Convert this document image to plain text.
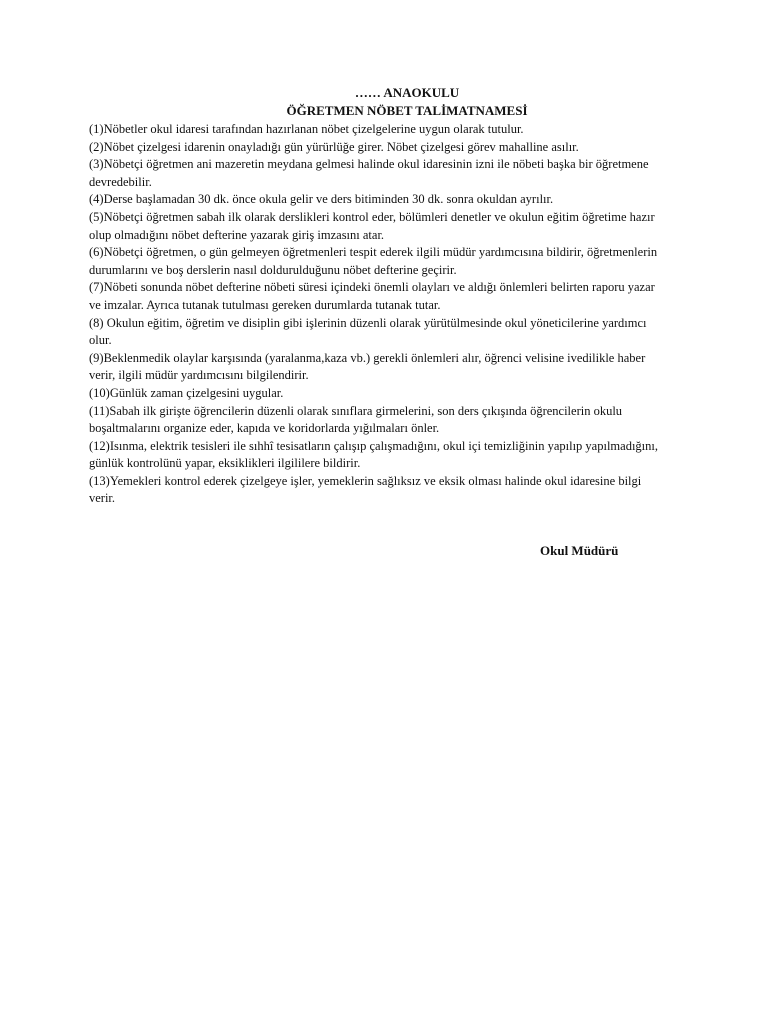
…… ANAOKULU

ÖĞRETMEN NÖBET TALİMATNAMESİ

(1)Nöbetler okul idaresi tarafından hazırlanan nöbet çizelgelerine uygun olarak tutulur.

(2)Nöbet çizelgesi idarenin onayladığı gün yürürlüğe girer. Nöbet çizelgesi görev mahalline asılır.

(3)Nöbetçi öğretmen ani mazeretin meydana gelmesi halinde okul idaresinin izni ile nöbeti başka bir öğretmene devredebilir.

(4)Derse başlamadan 30 dk. önce okula gelir ve ders bitiminden 30 dk. sonra okuldan ayrılır.

(5)Nöbetçi öğretmen sabah ilk olarak derslikleri kontrol eder, bölümleri denetler ve okulun eğitim öğretime hazır olup olmadığını nöbet defterine yazarak giriş imzasını atar.

(6)Nöbetçi öğretmen, o gün gelmeyen öğretmenleri tespit ederek ilgili müdür yardımcısına bildirir, öğretmenlerin durumlarını ve boş derslerin nasıl doldurulduğunu nöbet defterine geçirir.

(7)Nöbeti sonunda nöbet defterine nöbeti süresi içindeki önemli olayları ve aldığı önlemleri belirten raporu yazar ve imzalar. Ayrıca tutanak tutulması gereken durumlarda tutanak tutar.

(8) Okulun eğitim, öğretim ve disiplin gibi işlerinin düzenli olarak yürütülmesinde okul yöneticilerine yardımcı olur.

(9)Beklenmedik olaylar karşısında (yaralanma,kaza vb.) gerekli önlemleri alır, öğrenci velisine ivedilikle haber verir, ilgili müdür yardımcısını bilgilendirir.

(10)Günlük zaman çizelgesini uygular.

(11)Sabah ilk girişte öğrencilerin düzenli olarak sınıflara girmelerini, son ders çıkışında öğrencilerin okulu boşaltmalarını organize eder, kapıda ve koridorlarda yığılmaları önler.

(12)Isınma, elektrik tesisleri ile sıhhî tesisatların çalışıp çalışmadığını, okul içi temizliğinin yapılıp yapılmadığını, günlük kontrolünü yapar, eksiklikleri ilgililere bildirir.

(13)Yemekleri kontrol ederek çizelgeye işler, yemeklerin sağlıksız ve eksik olması halinde okul idaresine bilgi verir.

Okul Müdürü
